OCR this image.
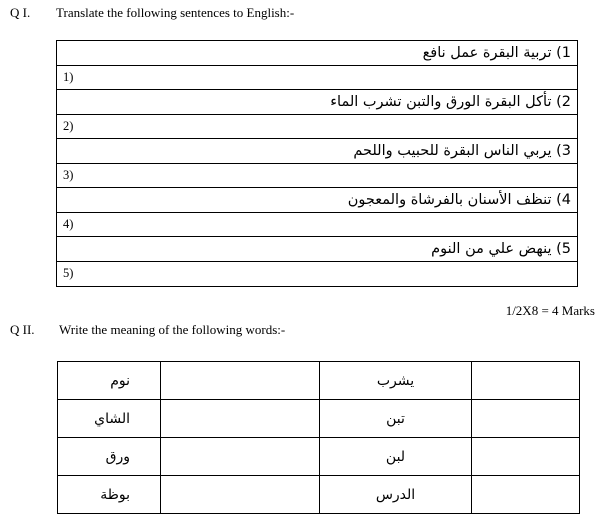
Q I. Translate the following sentences to English:-
1) تربية البقرة عمل نافع
1)
2) تأكل البقرة الورق والتبن تشرب الماء
2)
3) يربي الناس البقرة للحبيب واللحم
3)
4) تنظف الأسنان بالفرشاة والمعجون
4)
5) ينهض علي من النوم
5)
1/2X8 = 4 Marks
Q II. Write the meaning of the following words:-
نوم		يشرب	
الشاي		تبن	
ورق		لبن	
بوظة		الدرس	
